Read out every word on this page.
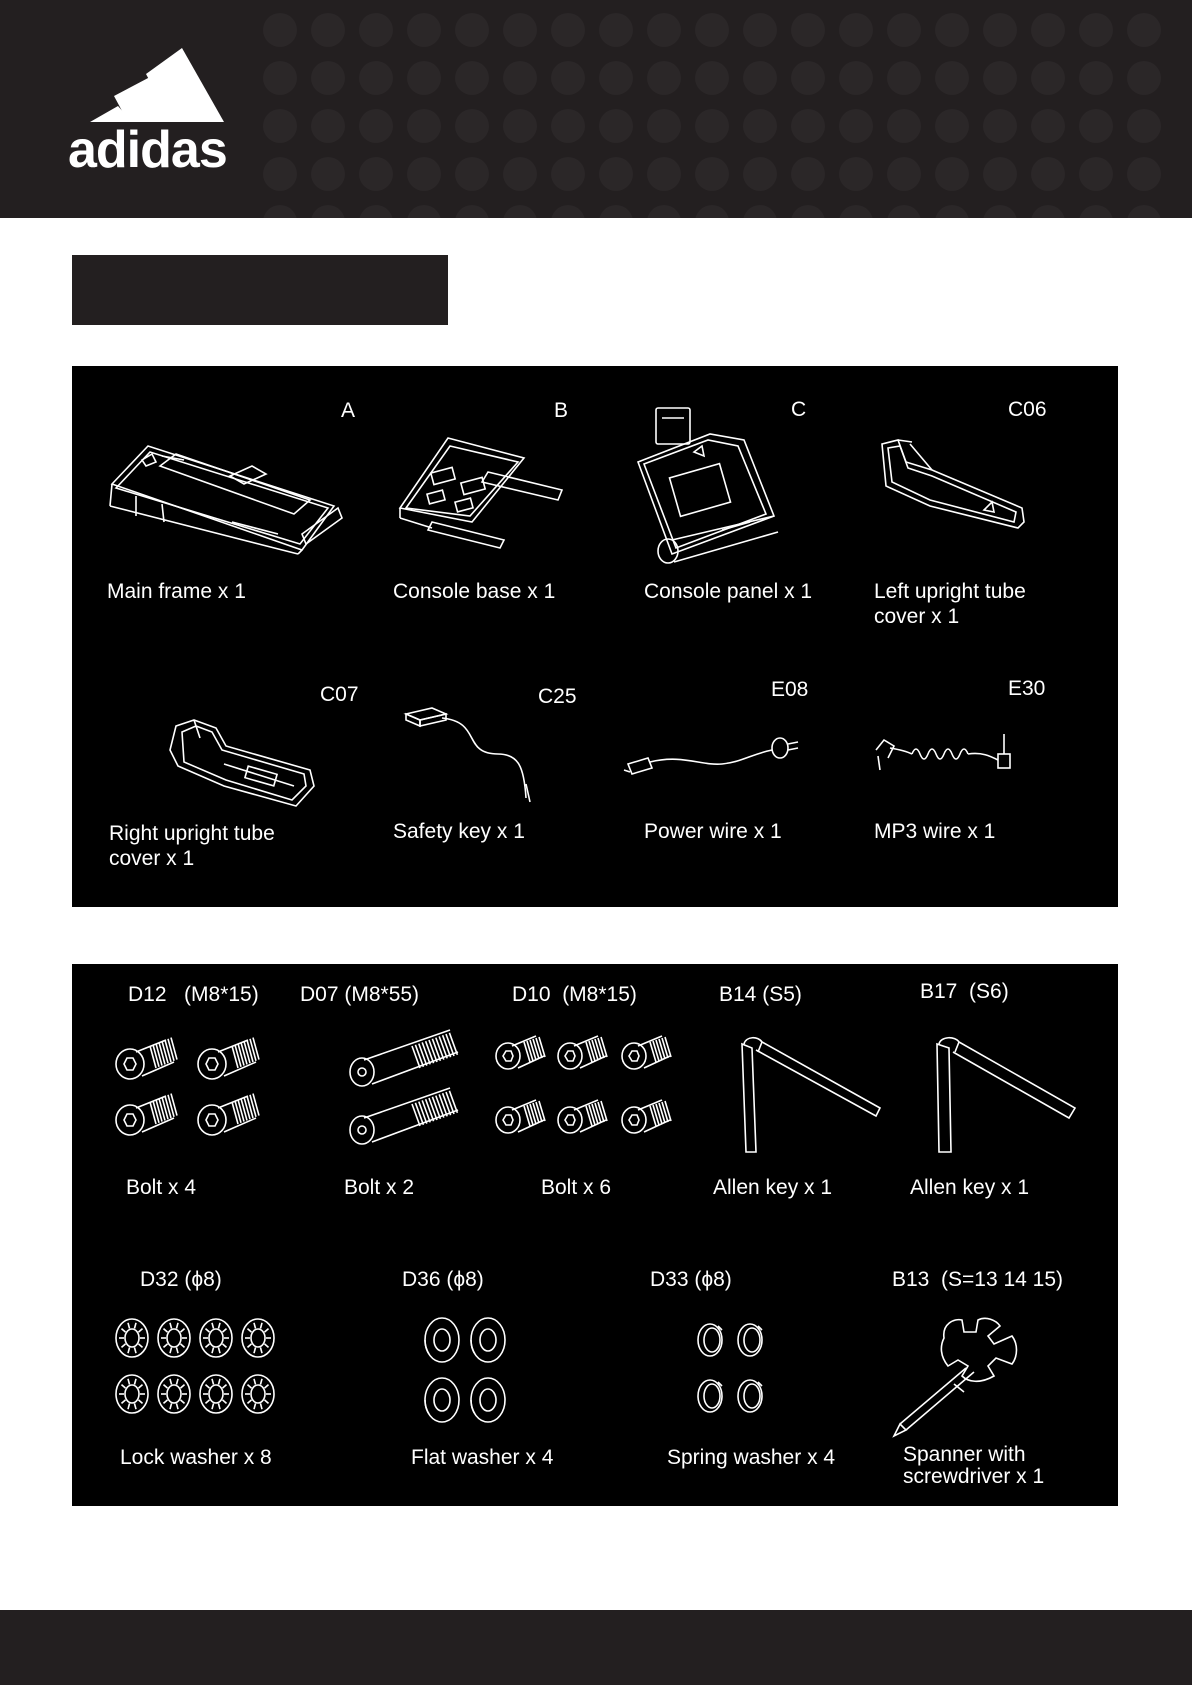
adidas
A	B	C	C06
Main frame x 1	Console base x 1	Console panel x 1	Left upright tube
cover x 1
C07	C25	E08	E30
Right upright tube
cover x 1
Safety key x 1	Power wire x 1	MP3 wire x 1
D12   (M8*15) D07 (M8*55)	D10  (M8*15)	B14 (S5)	B17  (S6)
Bolt x 4	Bolt x 2	Bolt x 6	Allen key x 1	Allen key x 1
D32 (ϕ8)	D36 (ϕ8)	D33 (ϕ8)	B13  (S=13 14 15)
Lock washer x 8	Flat washer x 4	Spring washer x 4	Spanner with
screwdriver x 1
